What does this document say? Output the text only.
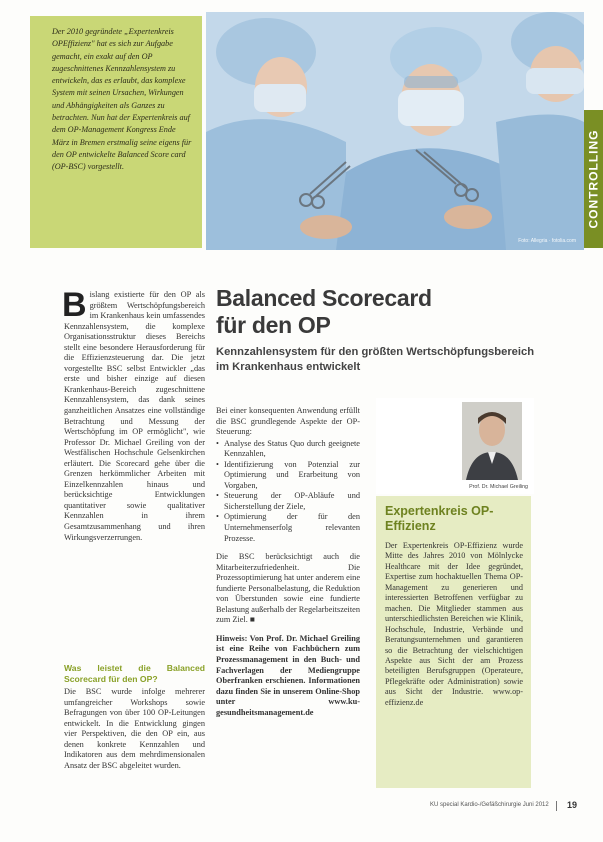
Der 2010 gegründete „Expertenkreis OPEffizienz" hat es sich zur Aufgabe gemacht, ein exakt auf den OP zugeschnittenes Kennzahlensystem zu entwickeln, das es erlaubt, das komplexe System mit seinen Ursachen, Wirkungen und Abhängigkeiten als Ganzes zu betrachten. Nun hat der Expertenkreis auf dem OP-Management Kongress Ende März in Bremen erstmalig seine eigens für den OP entwickelte Balanced Score card (OP-BSC) vorgestellt.

Foto: Allegria · fotolia.com
CONTROLLING
Balanced Scorecard
für den OP
Kennzahlensystem für den größten Wertschöpfungsbereich im Krankenhaus entwickelt
B islang existierte für den OP als größtem Wertschöpfungsbereich im Krankenhaus kein umfassendes Kennzahlensystem, die komplexe Organisationsstruktur dieses Bereichs stellt eine besondere Herausforderung für die Effizienzsteuerung dar. Die jetzt vorgestellte BSC selbst Entwickler „das erste und bisher einzige auf diesen Krankenhaus-Bereich zugeschnittene Kennzahlensystem, das dank seines ganzheitlichen Ansatzes eine vollständige Betrachtung und Messung der Wertschöpfung im OP ermöglicht", wie Professor Dr. Michael Greiling von der Westfälischen Hochschule Gelsenkirchen erläutert. Die Scorecard gehe über die Grenzen herkömmlicher Arbeiten mit Einzelkennzahlen hinaus und berücksichtige Entwicklungen quantitativer sowie qualitativer Kennzahlen in ihrem Gesamtzusammenhang und ihren Wirkungsverzerrungen.
Was leistet die Balanced Scorecard für den OP?

Die BSC wurde infolge mehrerer umfangreicher Workshops sowie Befragungen von über 100 OP-Leitungen entwickelt. In die Entwicklung gingen vier Perspektiven, die den OP ein, aus denen konkrete Kennzahlen und Indikatoren aus dem mehrdimensionalen Ansatz der BSC abgeleitet wurden.

Bei einer konsequenten Anwendung erfüllt die BSC grundlegende Aspekte der OP-Steuerung:

• Analyse des Status Quo durch geeignete Kennzahlen,
• Identifizierung von Potenzial zur Optimierung und Erarbeitung von Vorgaben,
• Steuerung der OP-Abläufe und Sicherstellung der Ziele,
• Optimierung der für den Unternehmenserfolg relevanten Prozesse.

Die BSC berücksichtigt auch die Mitarbeiterzufriedenheit. Die Prozessoptimierung hat unter anderem eine fundierte Personalbelastung, die Reduktion von Überstunden sowie eine fundierte Belastung außerhalb der Regelarbeitszeiten zum Ziel. ■

Hinweis: Von Prof. Dr. Michael Greiling ist eine Reihe von Fachbüchern zum Prozessmanagement in den Buch- und Fachverlagen der Mediengruppe Oberfranken erschienen. Informationen dazu finden Sie in unserem Online-Shop unter www.ku-gesundheitsmanagement.de

Prof. Dr. Michael Greiling
Expertenkreis OP-Effizienz

Der Expertenkreis OP-Effizienz wurde Mitte des Jahres 2010 von Mölnlycke Healthcare mit der Idee gegründet, Expertise zum hochaktuellen Thema OP-Management zu generieren und interessierten Betroffenen verfügbar zu machen. Die Mitglieder stammen aus unterschiedlichsten Bereichen wie Klinik, Hochschule, Industrie, Verbände und Beratungsunternehmen und garantieren so die Betrachtung der vielschichtigen Aspekte aus Sicht der am Prozess beteiligten Berufsgruppen (Operateure, Pflegekräfte oder Administration) sowie aus Sicht der Industrie. www.op-effizienz.de

KU special Kardio-/Gefäßchirurgie Juni 2012 19
